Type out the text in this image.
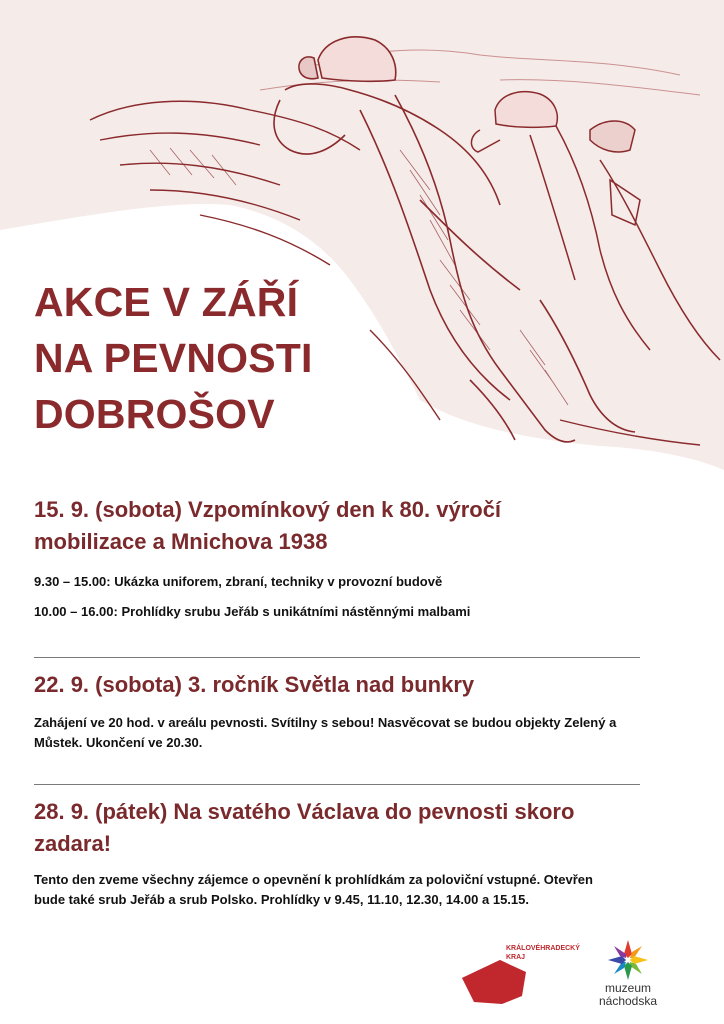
AKCE V ZÁŘÍ
NA PEVNOSTI
DOBROŠOV
15. 9. (sobota) Vzpomínkový den k 80. výročí mobilizace a Mnichova 1938

9.30 – 15.00: Ukázka uniforem, zbraní, techniky v provozní budově

10.00 – 16.00: Prohlídky srubu Jeřáb s unikátními nástěnnými malbami

22. 9. (sobota) 3. ročník Světla nad bunkry

Zahájení ve 20 hod. v areálu pevnosti. Svítilny s sebou! Nasvěcovat se budou objekty Zelený a Můstek. Ukončení ve 20.30.

28. 9. (pátek) Na svatého Václava do pevnosti skoro zadara!

Tento den zveme všechny zájemce o opevnění k prohlídkám za poloviční vstupné. Otevřen bude také srub Jeřáb a srub Polsko. Prohlídky v 9.45, 11.10, 12.30, 14.00 a 15.15.

KRÁLOVÉHRADECKÝ KRAJ
muzeum
náchodska
